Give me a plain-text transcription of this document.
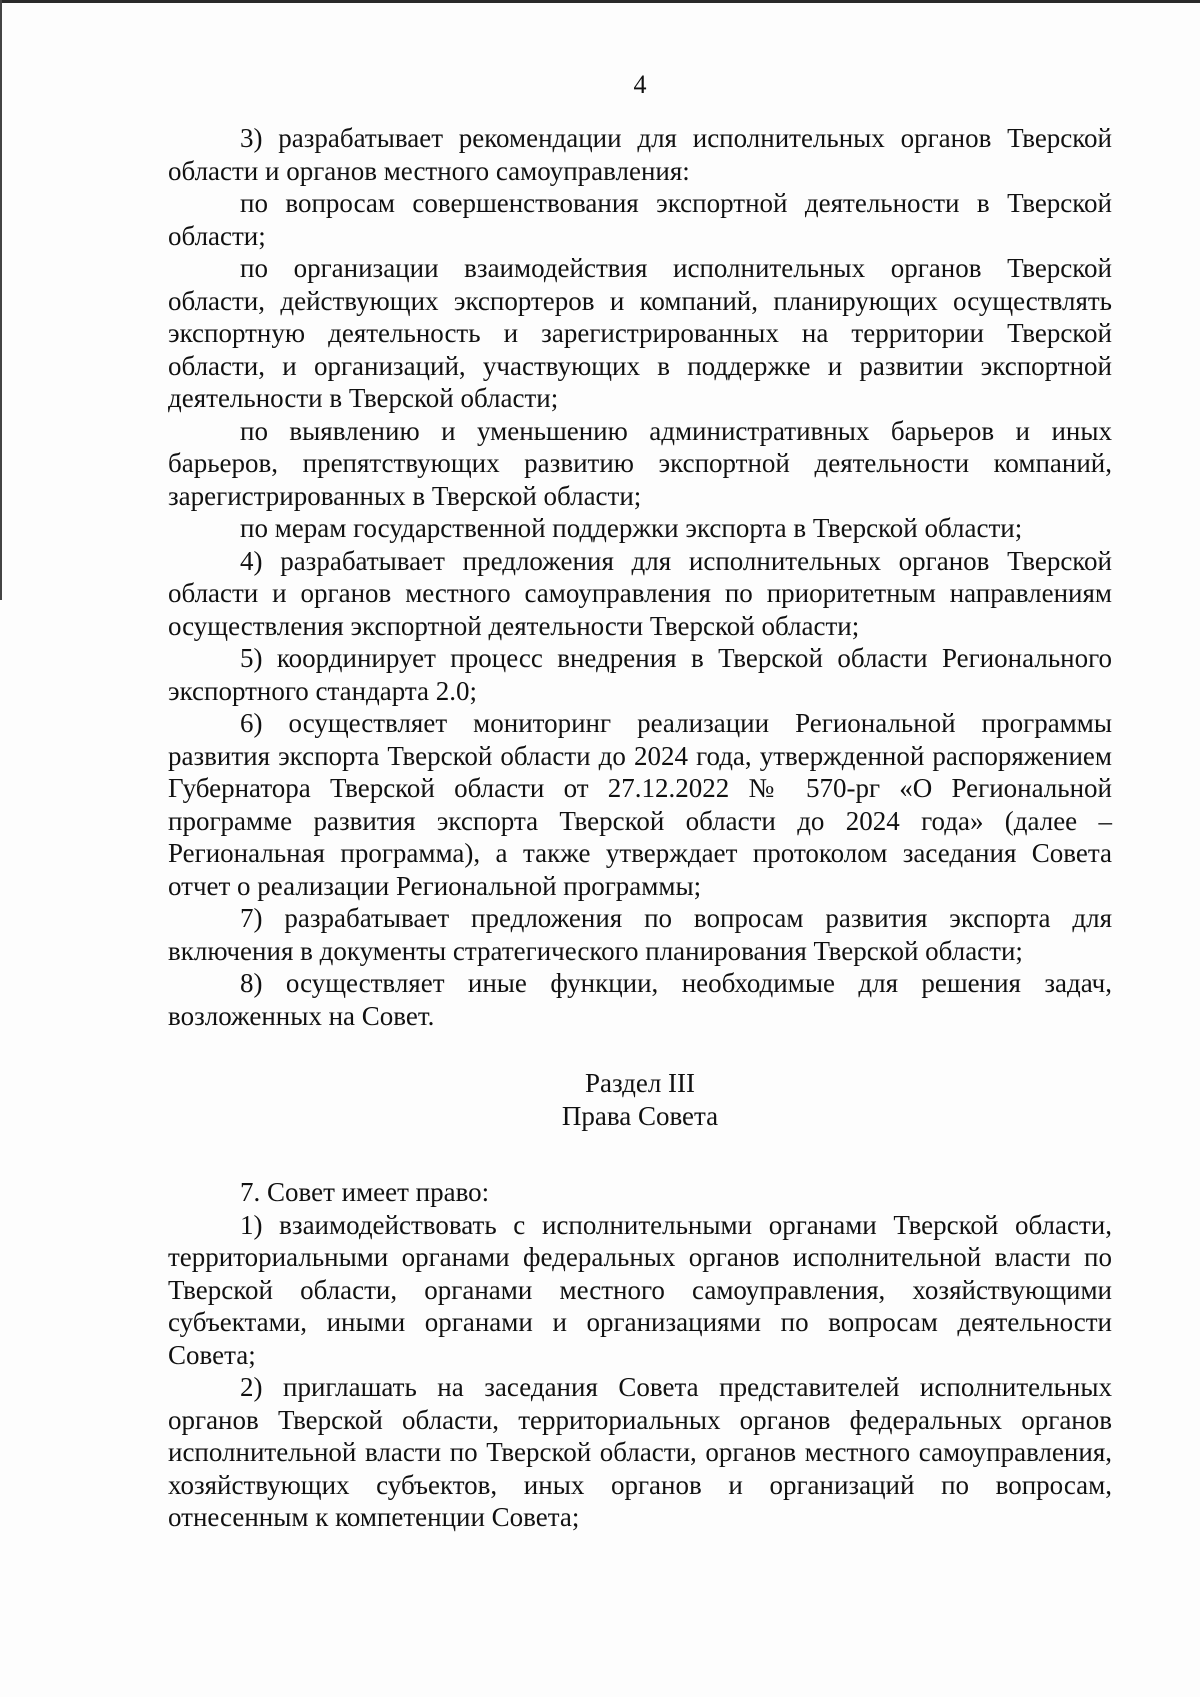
4

3) разрабатывает рекомендации для исполнительных органов Тверской области и органов местного самоуправления:

по вопросам совершенствования экспортной деятельности в Тверской области;

по организации взаимодействия исполнительных органов Тверской области, действующих экспортеров и компаний, планирующих осуществлять экспортную деятельность и зарегистрированных на территории Тверской области, и организаций, участвующих в поддержке и развитии экспортной деятельности в Тверской области;

по выявлению и уменьшению административных барьеров и иных барьеров, препятствующих развитию экспортной деятельности компаний, зарегистрированных в Тверской области;

по мерам государственной поддержки экспорта в Тверской области;

4) разрабатывает предложения для исполнительных органов Тверской области и органов местного самоуправления по приоритетным направлениям осуществления экспортной деятельности Тверской области;

5) координирует процесс внедрения в Тверской области Регионального экспортного стандарта 2.0;

6) осуществляет мониторинг реализации Региональной программы развития экспорта Тверской области до 2024 года, утвержденной распоряжением Губернатора Тверской области от 27.12.2022 № 570-рг «О Региональной программе развития экспорта Тверской области до 2024 года» (далее – Региональная программа), а также утверждает протоколом заседания Совета отчет о реализации Региональной программы;

7) разрабатывает предложения по вопросам развития экспорта для включения в документы стратегического планирования Тверской области;

8) осуществляет иные функции, необходимые для решения задач, возложенных на Совет.

Раздел III
Права Совета

7. Совет имеет право:

1) взаимодействовать с исполнительными органами Тверской области, территориальными органами федеральных органов исполнительной власти по Тверской области, органами местного самоуправления, хозяйствующими субъектами, иными органами и организациями по вопросам деятельности Совета;

2) приглашать на заседания Совета представителей исполнительных органов Тверской области, территориальных органов федеральных органов исполнительной власти по Тверской области, органов местного самоуправления, хозяйствующих субъектов, иных органов и организаций по вопросам, отнесенным к компетенции Совета;
